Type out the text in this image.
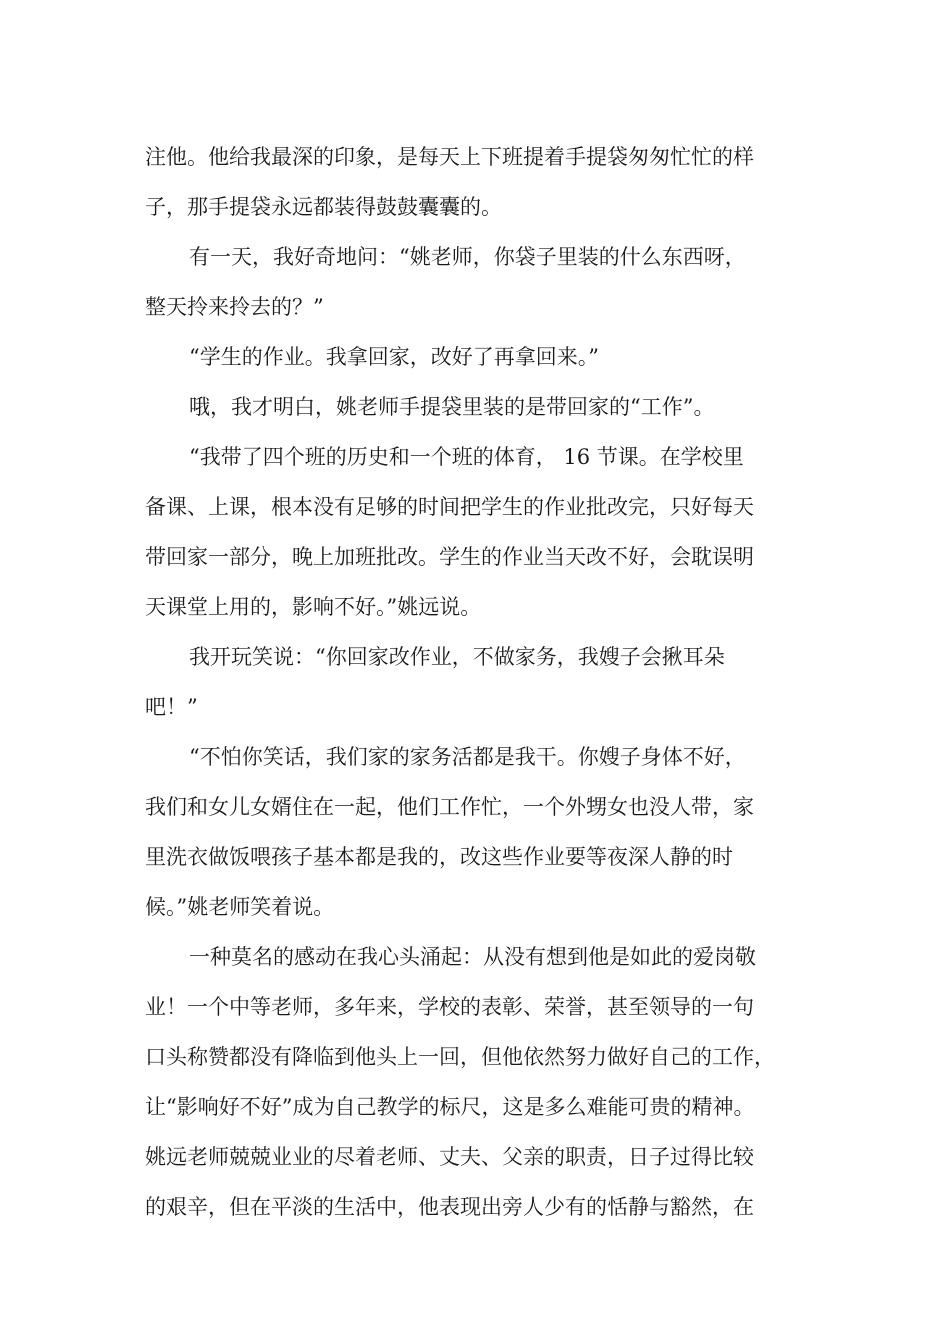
注他。他给我最深的印象，是每天上下班提着手提袋匆匆忙忙的样
子，那手提袋永远都装得鼓鼓囊囊的。
有一天，我好奇地问：“姚老师，你袋子里装的什么东西呀，
整天拎来拎去的？”
“学生的作业。我拿回家，改好了再拿回来。”
哦，我才明白，姚老师手提袋里装的是带回家的“工作”。
“我带了四个班的历史和一个班的体育， 16 节课。在学校里
备课、上课，根本没有足够的时间把学生的作业批改完，只好每天
带回家一部分，晚上加班批改。学生的作业当天改不好，会耽误明
天课堂上用的，影响不好。”姚远说。
我开玩笑说：“你回家改作业，不做家务，我嫂子会揪耳朵
吧！”
“不怕你笑话，我们家的家务活都是我干。你嫂子身体不好，
我们和女儿女婿住在一起，他们工作忙，一个外甥女也没人带，家
里洗衣做饭喂孩子基本都是我的，改这些作业要等夜深人静的时
候。”姚老师笑着说。
一种莫名的感动在我心头涌起：从没有想到他是如此的爱岗敬
业！一个中等老师，多年来，学校的表彰、荣誉，甚至领导的一句
口头称赞都没有降临到他头上一回，但他依然努力做好自己的工作，
让“影响好不好”成为自己教学的标尺，这是多么难能可贵的精神。
姚远老师兢兢业业的尽着老师、丈夫、父亲的职责，日子过得比较
的艰辛，但在平淡的生活中，他表现出旁人少有的恬静与豁然，在
